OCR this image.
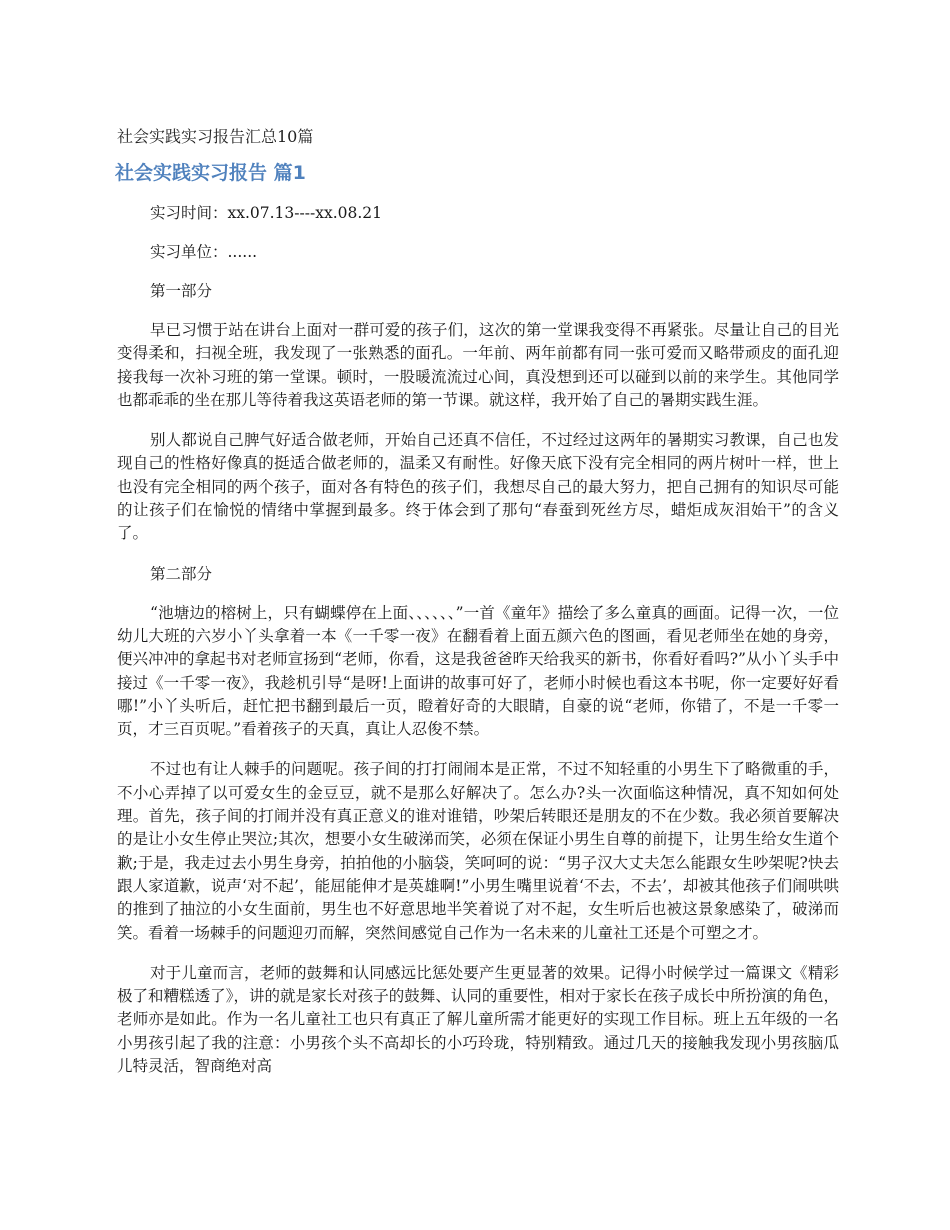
社会实践实习报告汇总10篇
社会实践实习报告 篇1

实习时间：xx.07.13----xx.08.21

实习单位：......

第一部分

早已习惯于站在讲台上面对一群可爱的孩子们，这次的第一堂课我变得不再紧张。尽量让自己的目光变得柔和，扫视全班，我发现了一张熟悉的面孔。一年前、两年前都有同一张可爱而又略带顽皮的面孔迎接我每一次补习班的第一堂课。顿时，一股暖流流过心间，真没想到还可以碰到以前的来学生。其他同学也都乖乖的坐在那儿等待着我这英语老师的第一节课。就这样，我开始了自己的暑期实践生涯。

别人都说自己脾气好适合做老师，开始自己还真不信任，不过经过这两年的暑期实习教课，自己也发现自己的性格好像真的挺适合做老师的，温柔又有耐性。好像天底下没有完全相同的两片树叶一样，世上也没有完全相同的两个孩子，面对各有特色的孩子们，我想尽自己的最大努力，把自己拥有的知识尽可能的让孩子们在愉悦的情绪中掌握到最多。终于体会到了那句“春蚕到死丝方尽，蜡炬成灰泪始干”的含义了。

第二部分

“池塘边的榕树上，只有蝴蝶停在上面、、、、、、”一首《童年》描绘了多么童真的画面。记得一次，一位幼儿大班的六岁小丫头拿着一本《一千零一夜》在翻看着上面五颜六色的图画，看见老师坐在她的身旁，便兴冲冲的拿起书对老师宣扬到“老师，你看，这是我爸爸昨天给我买的新书，你看好看吗?”从小丫头手中接过《一千零一夜》，我趁机引导“是呀!上面讲的故事可好了，老师小时候也看这本书呢，你一定要好好看哪!”小丫头听后，赶忙把书翻到最后一页，瞪着好奇的大眼睛，自豪的说“老师，你错了，不是一千零一页，才三百页呢。”看着孩子的天真，真让人忍俊不禁。

不过也有让人棘手的问题呢。孩子间的打打闹闹本是正常，不过不知轻重的小男生下了略微重的手，不小心弄掉了以可爱女生的金豆豆，就不是那么好解决了。怎么办?头一次面临这种情况，真不知如何处理。首先，孩子间的打闹并没有真正意义的谁对谁错，吵架后转眼还是朋友的不在少数。我必须首要解决的是让小女生停止哭泣;其次，想要小女生破涕而笑，必须在保证小男生自尊的前提下，让男生给女生道个歉;于是，我走过去小男生身旁，拍拍他的小脑袋，笑呵呵的说：“男子汉大丈夫怎么能跟女生吵架呢?快去跟人家道歉，说声‘对不起’，能屈能伸才是英雄啊!”小男生嘴里说着‘不去，不去’，却被其他孩子们闹哄哄的推到了抽泣的小女生面前，男生也不好意思地半笑着说了对不起，女生听后也被这景象感染了，破涕而笑。看着一场棘手的问题迎刃而解，突然间感觉自己作为一名未来的儿童社工还是个可塑之才。

对于儿童而言，老师的鼓舞和认同感远比惩处要产生更显著的效果。记得小时候学过一篇课文《精彩极了和糟糕透了》，讲的就是家长对孩子的鼓舞、认同的重要性，相对于家长在孩子成长中所扮演的角色，老师亦是如此。作为一名儿童社工也只有真正了解儿童所需才能更好的实现工作目标。班上五年级的一名小男孩引起了我的注意：小男孩个头不高却长的小巧玲珑，特别精致。通过几天的接触我发现小男孩脑瓜儿特灵活，智商绝对高
